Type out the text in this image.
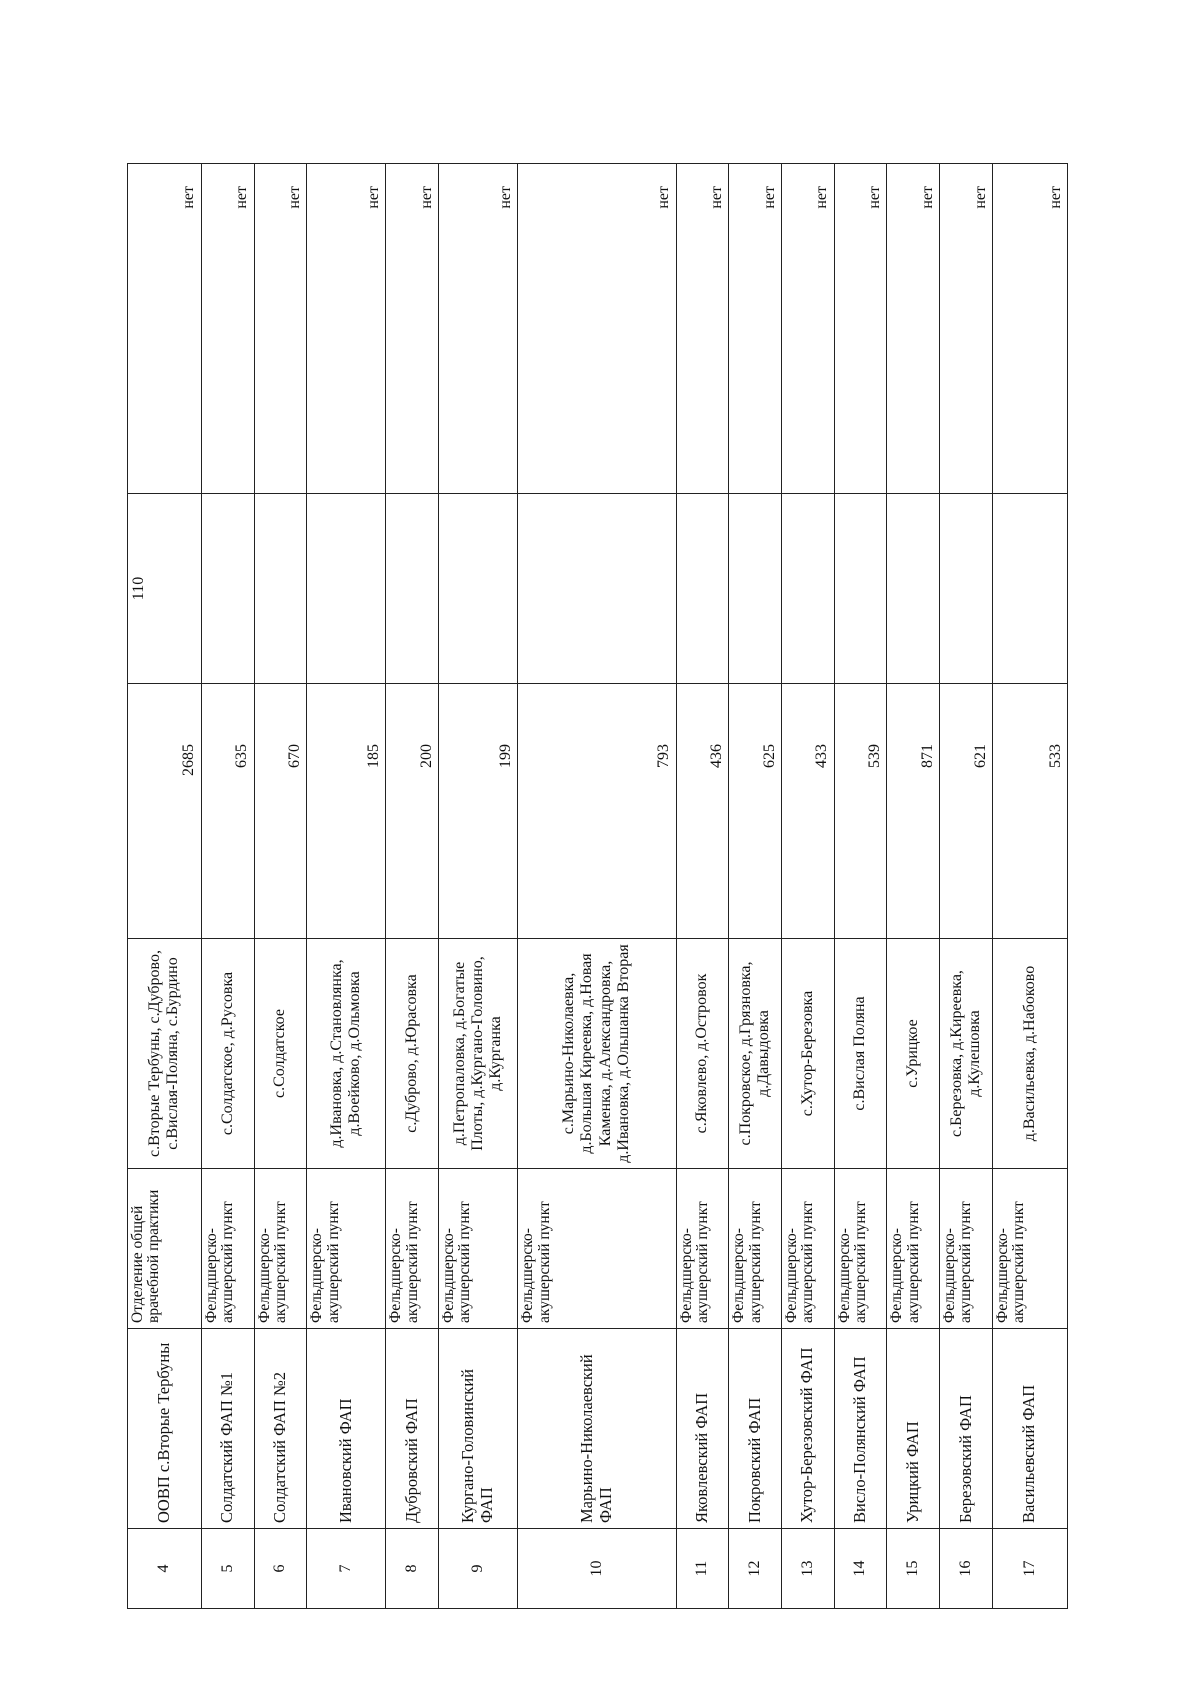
4	ООВП с.Вторые Тербуны	Отделение общей врачебной практики	с.Вторые Тербуны, с.Дуброво, с.Вислая-Поляна, с.Бурдино	2685	110	нет
5	Солдатский ФАП №1	Фельдшерско-акушерский пункт	с.Солдатское, д.Русовка	635		нет
6	Солдатский ФАП №2	Фельдшерско-акушерский пункт	с.Солдатское	670		нет
7	Ивановский ФАП	Фельдшерско-акушерский пункт	д.Ивановка, д.Становлянка, д.Воейково, д.Ольмовка	185		нет
8	Дубровский ФАП	Фельдшерско-акушерский пункт	с.Дуброво, д.Юрасовка	200		нет
9	Кургано-Головинский ФАП	Фельдшерско-акушерский пункт	д.Петропаловка, д.Богатые Плоты, д.Кургано-Головино, д.Курганка	199		нет
10	Марьино-Николаевский ФАП	Фельдшерско-акушерский пункт	с.Марьино-Николаевка, д.Большая Киреевка, д.Новая Каменка, д.Александровка, д.Ивановка, д.Ольшанка Вторая	793		нет
11	Яковлевский ФАП	Фельдшерско-акушерский пункт	с.Яковлево, д.Островок	436		нет
12	Покровский ФАП	Фельдшерско-акушерский пункт	с.Покровское, д.Грязновка, д.Давыдовка	625		нет
13	Хутор-Березовский ФАП	Фельдшерско-акушерский пункт	с.Хутор-Березовка	433		нет
14	Висло-Полянский ФАП	Фельдшерско-акушерский пункт	с.Вислая Поляна	539		нет
15	Урицкий ФАП	Фельдшерско-акушерский пункт	с.Урицкое	871		нет
16	Березовский ФАП	Фельдшерско-акушерский пункт	с.Березовка, д.Киреевка, д.Кулешовка	621		нет
17	Васильевский ФАП	Фельдшерско-акушерский пункт	д.Васильевка, д.Набоково	533		нет
